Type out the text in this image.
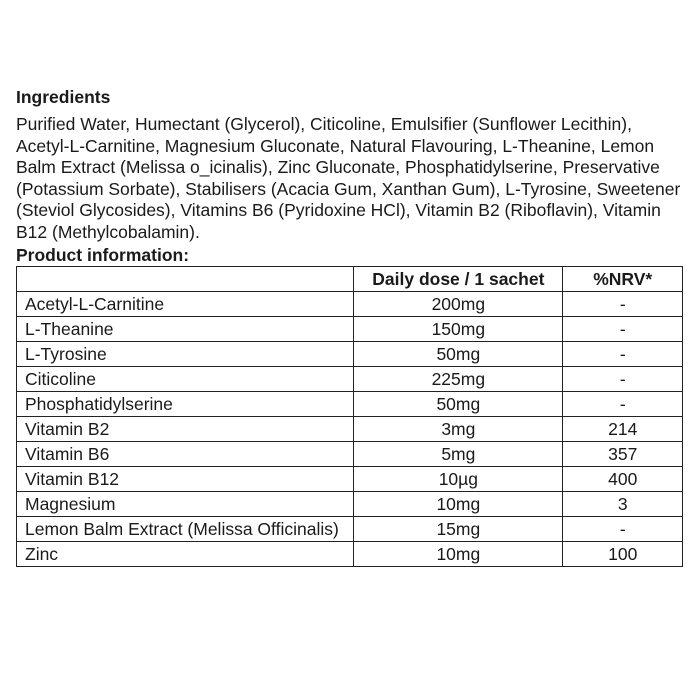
Ingredients

Purified Water, Humectant (Glycerol), Citicoline, Emulsifier (Sunflower Lecithin), Acetyl-L-Carnitine, Magnesium Gluconate, Natural Flavouring, L-Theanine, Lemon Balm Extract (Melissa o_icinalis), Zinc Gluconate, Phosphatidylserine, Preservative (Potassium Sorbate), Stabilisers (Acacia Gum, Xanthan Gum), L-Tyrosine, Sweetener (Steviol Glycosides), Vitamins B6 (Pyridoxine HCl), Vitamin B2 (Riboflavin), Vitamin B12 (Methylcobalamin).

Product information:
	Daily dose / 1 sachet	%NRV*
Acetyl-L-Carnitine	200mg	-
L-Theanine	150mg	-
L-Tyrosine	50mg	-
Citicoline	225mg	-
Phosphatidylserine	50mg	-
Vitamin B2	3mg	214
Vitamin B6	5mg	357
Vitamin B12	10µg	400
Magnesium	10mg	3
Lemon Balm Extract (Melissa Officinalis)	15mg	-
Zinc	10mg	100
